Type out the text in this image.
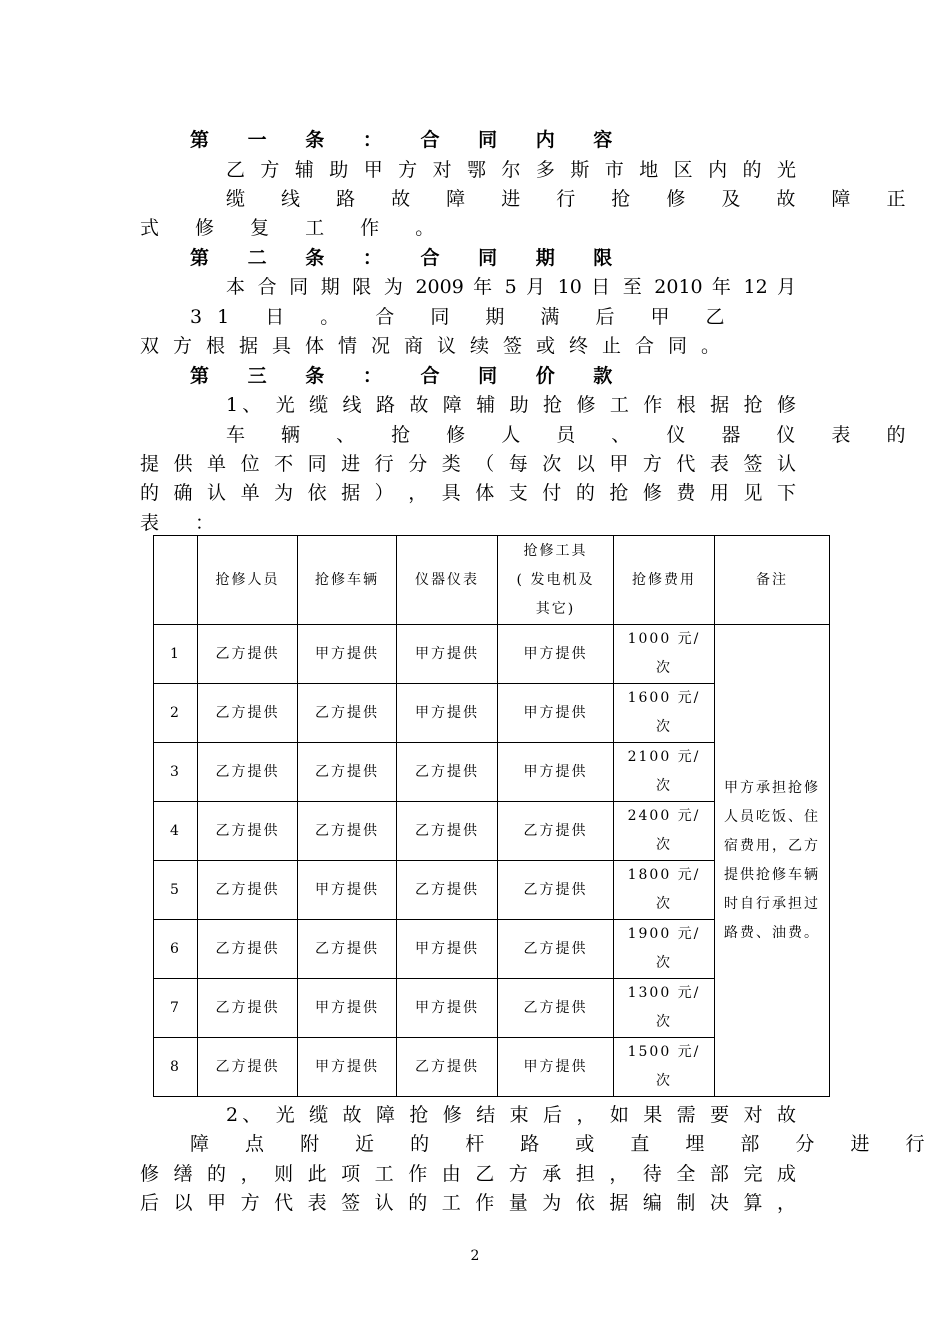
第 一 条 ： 合 同 内 容
乙 方 辅 助 甲 方 对 鄂 尔 多 斯 市 地 区 内 的 光
缆 线 路 故 障 进 行 抢 修 及 故 障 正
式 修 复 工 作 。
第 二 条 ： 合 同 期 限
本 合 同 期 限 为 2009 年 5 月 10 日 至 2010 年 12 月
31 日 。 合 同 期 满 后 甲 乙
双 方 根 据 具 体 情 况 商 议 续 签 或 终 止 合 同 。
第 三 条 ： 合 同 价 款
1、 光 缆 线 路 故 障 辅 助 抢 修 工 作 根 据 抢 修
车 辆 、 抢 修 人 员 、 仪 器 仪 表 的
提 供 单 位 不 同 进 行 分 类 （ 每 次 以 甲 方 代 表 签 认
的 确 认 单 为 依 据 ） ， 具 体 支 付 的 抢 修 费 用 见 下
表 ：
	抢修人员	抢修车辆	仪器仪表	抢修工具
( 发电机及
其它)	抢修费用	备注
1	乙方提供	甲方提供	甲方提供	甲方提供	1000 元/
次	甲方承担抢修人员吃饭、住宿费用，乙方提供抢修车辆时自行承担过路费、油费。
2	乙方提供	乙方提供	甲方提供	甲方提供	1600 元/
次	

3	乙方提供	乙方提供	乙方提供	甲方提供	2100 元/
次	

4	乙方提供	乙方提供	乙方提供	乙方提供	2400 元/
次	

5	乙方提供	甲方提供	乙方提供	乙方提供	1800 元/
次	

6	乙方提供	乙方提供	甲方提供	乙方提供	1900 元/
次	

7	乙方提供	甲方提供	甲方提供	乙方提供	1300 元/
次	

8	乙方提供	甲方提供	乙方提供	甲方提供	1500 元/
次	
2、 光 缆 故 障 抢 修 结 束 后 ， 如 果 需 要 对 故
障 点 附 近 的 杆 路 或 直 埋 部 分 进 行
修 缮 的 ， 则 此 项 工 作 由 乙 方 承 担 ， 待 全 部 完 成
后 以 甲 方 代 表 签 认 的 工 作 量 为 依 据 编 制 决 算 ，
2
